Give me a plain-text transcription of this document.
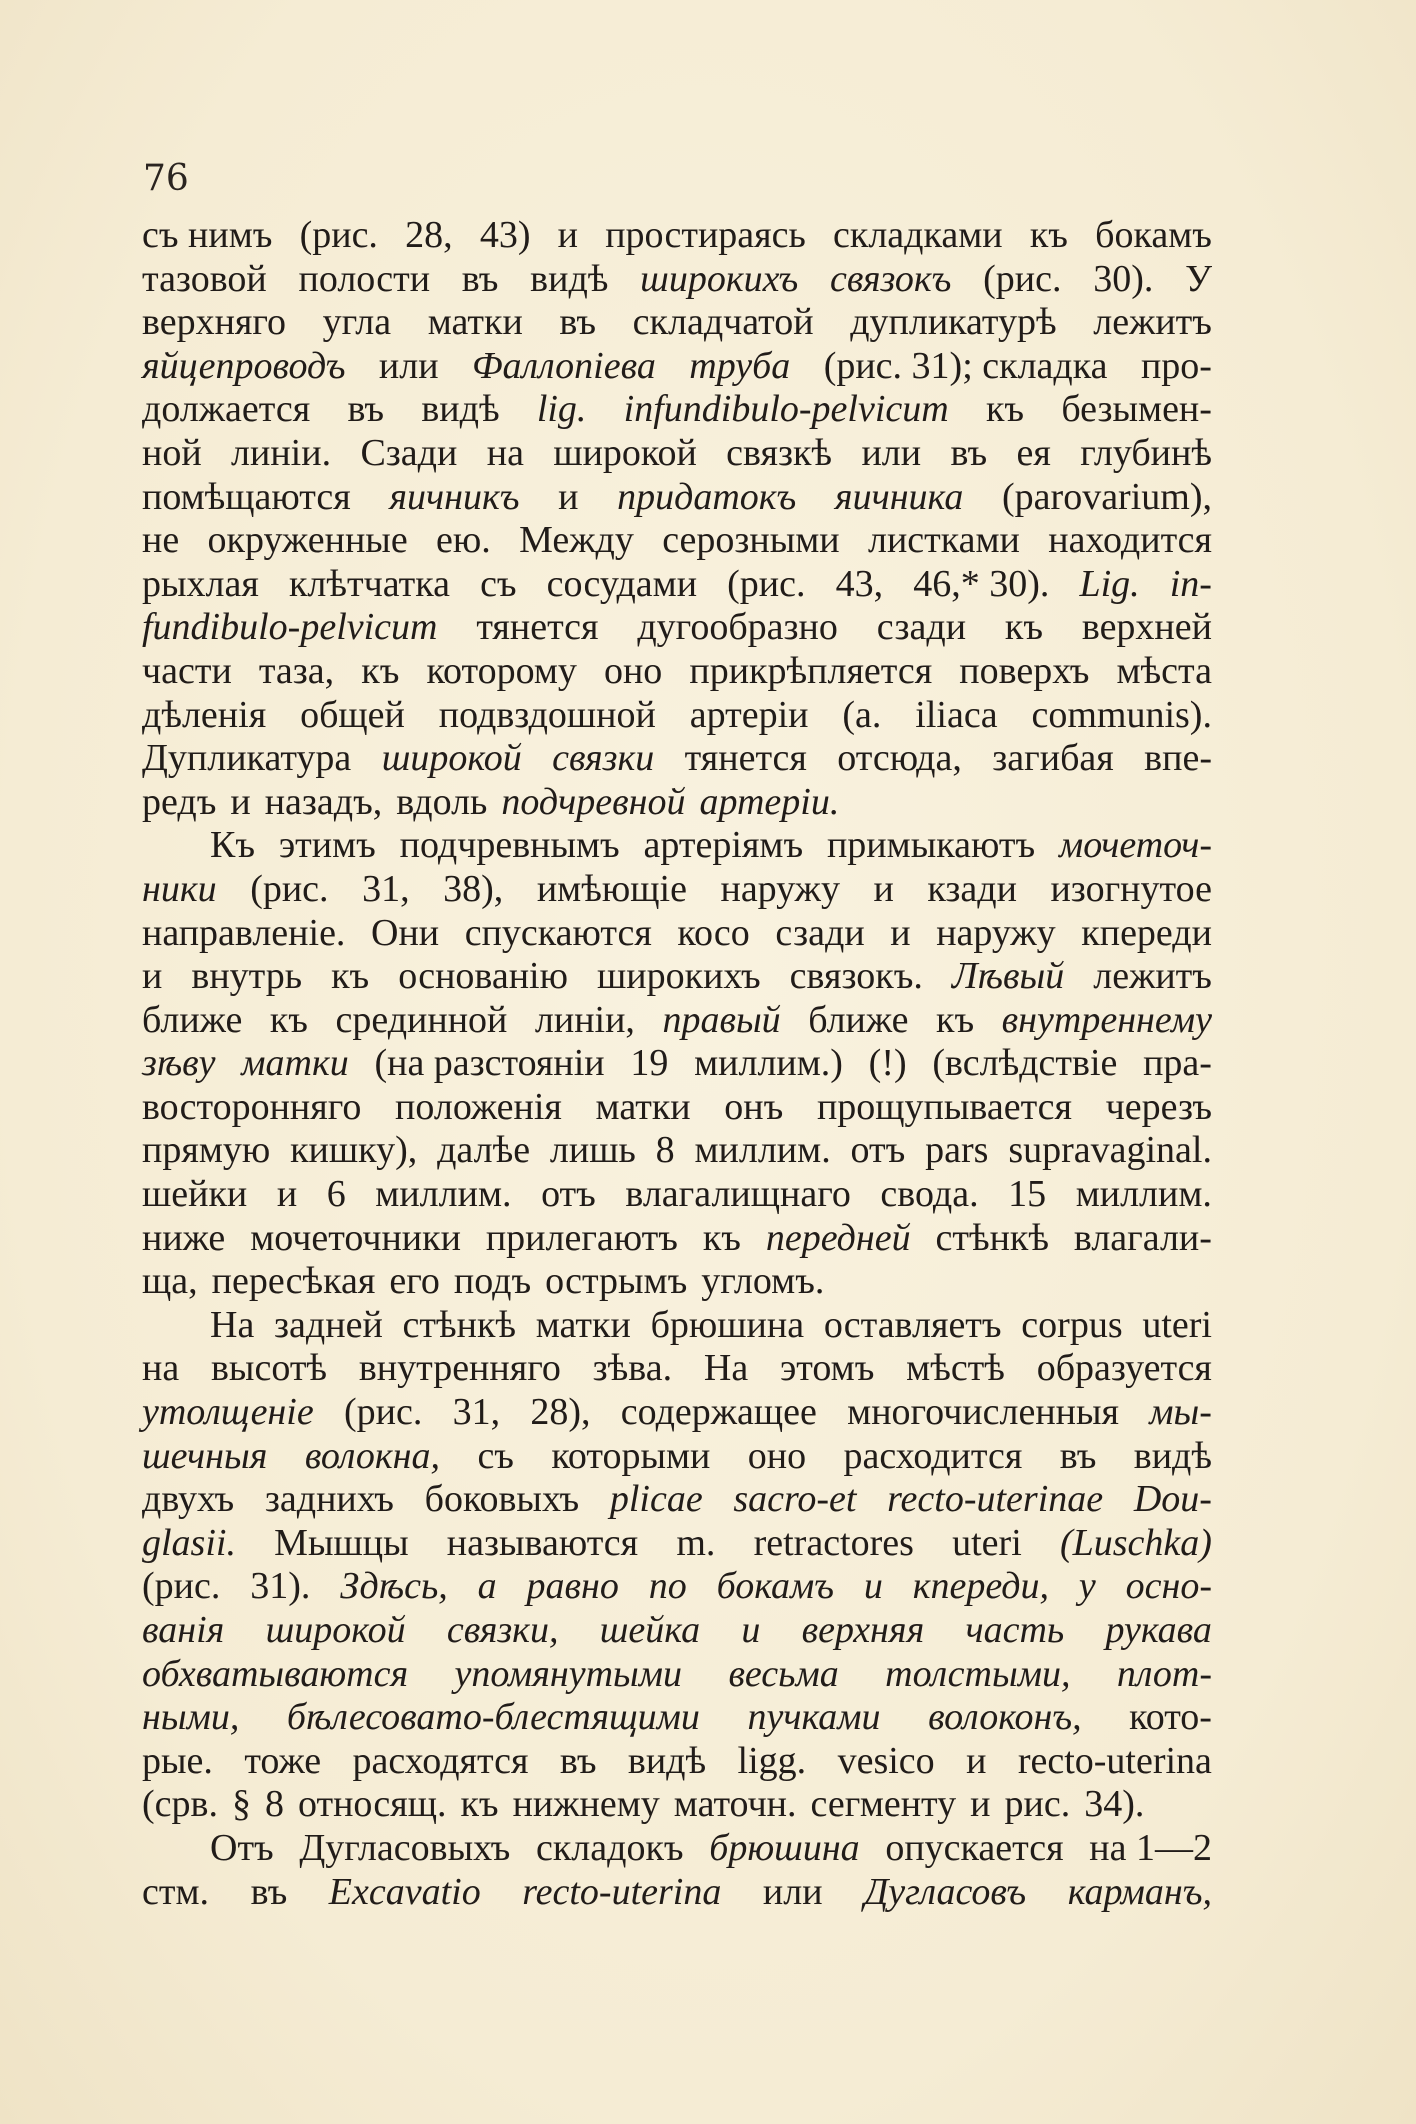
76
съ нимъ (рис. 28, 43) и простираясь складками къ бокамъ
тазовой полости въ видѣ широкихъ связокъ (рис. 30). У
верхняго угла матки въ складчатой дупликатурѣ лежитъ
яйцепроводъ или Фаллопіева труба (рис. 31); складка про-
должается въ видѣ lig. infundibulo-pelvicum къ безымен-
ной линіи. Сзади на широкой связкѣ или въ ея глубинѣ
помѣщаются яичникъ и придатокъ яичника (parovarium),
не окруженные ею. Между серозными листками находится
рыхлая клѣтчатка съ сосудами (рис. 43, 46,* 30). Lig. in-
fundibulo-pelvicum тянется дугообразно сзади къ верхней
части таза, къ которому оно прикрѣпляется поверхъ мѣста
дѣленія общей подвздошной артеріи (a. iliaca communis).
Дупликатура широкой связки тянется отсюда, загибая впе-
редъ и назадъ, вдоль подчревной артеріи.
Къ этимъ подчревнымъ артеріямъ примыкаютъ мочеточ-
ники (рис. 31, 38), имѣющіе наружу и кзади изогнутое
направленіе. Они спускаются косо сзади и наружу кпереди
и внутрь къ основанію широкихъ связокъ. Лѣвый лежитъ
ближе къ срединной линіи, правый ближе къ внутреннему
зѣву матки (на разстояніи 19 миллим.) (!) (вслѣдствіе пра-
восторонняго положенія матки онъ прощупывается черезъ
прямую кишку), далѣе лишь 8 миллим. отъ pars supravaginal.
шейки и 6 миллим. отъ влагалищнаго свода. 15 миллим.
ниже мочеточники прилегаютъ къ передней стѣнкѣ влагали-
ща, пересѣкая его подъ острымъ угломъ.
На задней стѣнкѣ матки брюшина оставляетъ corpus uteri
на высотѣ внутренняго зѣва. На этомъ мѣстѣ образуется
утолщеніе (рис. 31, 28), содержащее многочисленныя мы-
шечныя волокна, съ которыми оно расходится въ видѣ
двухъ заднихъ боковыхъ plicae sacro-et recto-uterinae Dou-
glasii. Мышцы называются m. retractores uteri (Luschka)
(рис. 31). Здѣсь, а равно по бокамъ и кпереди, у осно-
ванія широкой связки, шейка и верхняя часть рукава
обхватываются упомянутыми весьма толстыми, плот-
ными, бѣлесовато-блестящими пучками волоконъ, кото-
рые. тоже расходятся въ видѣ ligg. vesico и recto-uterina
(срв. § 8 относящ. къ нижнему маточн. сегменту и рис. 34).
Отъ Дугласовыхъ складокъ брюшина опускается на 1—2
стм. въ Excavatio recto-uterina или Дугласовъ карманъ,
